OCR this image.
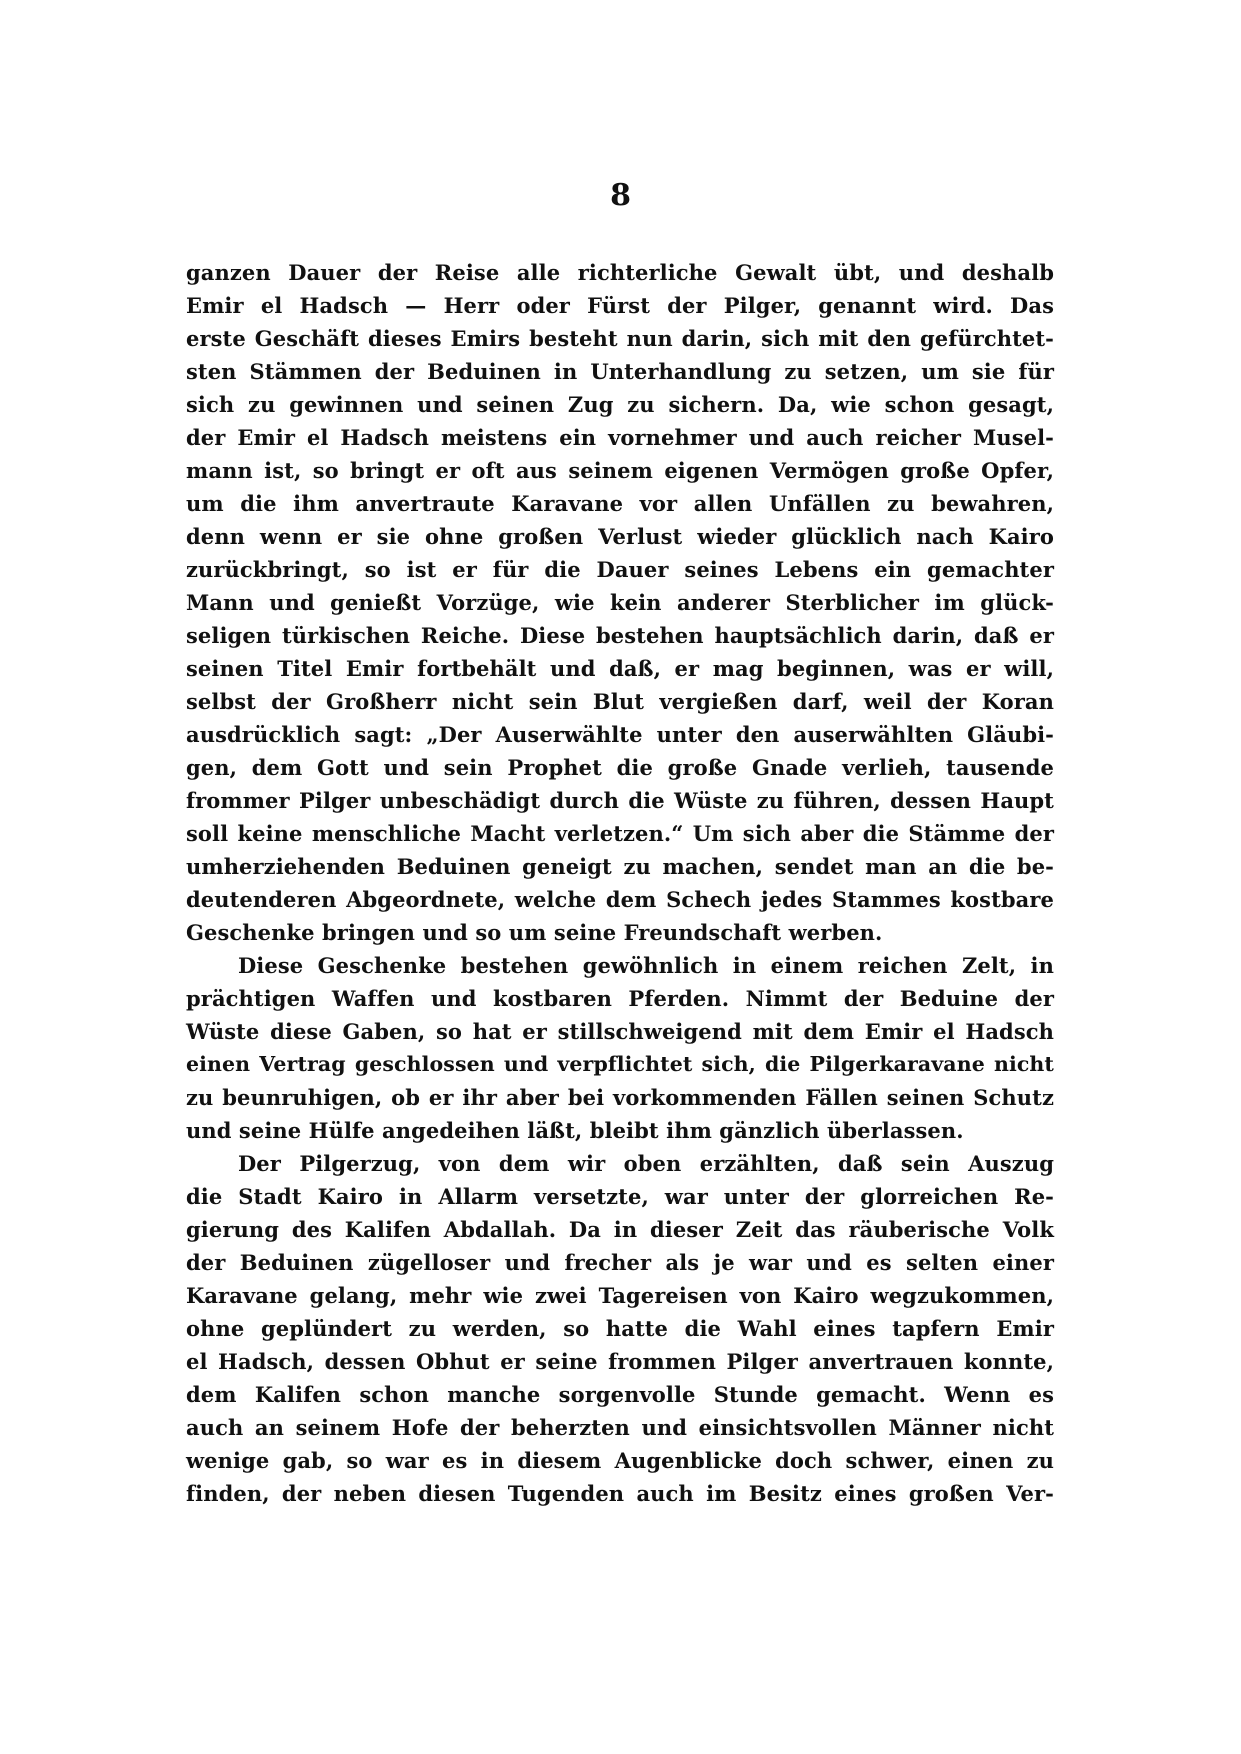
8

ganzen Dauer der Reise alle richterliche Gewalt übt, und deshalb
Emir el Hadsch — Herr oder Fürst der Pilger, genannt wird. Das
erste Geschäft dieses Emirs besteht nun darin, sich mit den gefürchtet-
sten Stämmen der Beduinen in Unterhandlung zu setzen, um sie für
sich zu gewinnen und seinen Zug zu sichern. Da, wie schon gesagt,
der Emir el Hadsch meistens ein vornehmer und auch reicher Musel-
mann ist, so bringt er oft aus seinem eigenen Vermögen große Opfer,
um die ihm anvertraute Karavane vor allen Unfällen zu bewahren,
denn wenn er sie ohne großen Verlust wieder glücklich nach Kairo
zurückbringt, so ist er für die Dauer seines Lebens ein gemachter
Mann und genießt Vorzüge, wie kein anderer Sterblicher im glück-
seligen türkischen Reiche. Diese bestehen hauptsächlich darin, daß er
seinen Titel Emir fortbehält und daß, er mag beginnen, was er will,
selbst der Großherr nicht sein Blut vergießen darf, weil der Koran
ausdrücklich sagt: „Der Auserwählte unter den auserwählten Gläubi-
gen, dem Gott und sein Prophet die große Gnade verlieh, tausende
frommer Pilger unbeschädigt durch die Wüste zu führen, dessen Haupt
soll keine menschliche Macht verletzen.“ Um sich aber die Stämme der
umherziehenden Beduinen geneigt zu machen, sendet man an die be-
deutenderen Abgeordnete, welche dem Schech jedes Stammes kostbare
Geschenke bringen und so um seine Freundschaft werben.
Diese Geschenke bestehen gewöhnlich in einem reichen Zelt, in
prächtigen Waffen und kostbaren Pferden. Nimmt der Beduine der
Wüste diese Gaben, so hat er stillschweigend mit dem Emir el Hadsch
einen Vertrag geschlossen und verpflichtet sich, die Pilgerkaravane nicht
zu beunruhigen, ob er ihr aber bei vorkommenden Fällen seinen Schutz
und seine Hülfe angedeihen läßt, bleibt ihm gänzlich überlassen.
Der Pilgerzug, von dem wir oben erzählten, daß sein Auszug
die Stadt Kairo in Allarm versetzte, war unter der glorreichen Re-
gierung des Kalifen Abdallah. Da in dieser Zeit das räuberische Volk
der Beduinen zügelloser und frecher als je war und es selten einer
Karavane gelang, mehr wie zwei Tagereisen von Kairo wegzukommen,
ohne geplündert zu werden, so hatte die Wahl eines tapfern Emir
el Hadsch, dessen Obhut er seine frommen Pilger anvertrauen konnte,
dem Kalifen schon manche sorgenvolle Stunde gemacht. Wenn es
auch an seinem Hofe der beherzten und einsichtsvollen Männer nicht
wenige gab, so war es in diesem Augenblicke doch schwer, einen zu
finden, der neben diesen Tugenden auch im Besitz eines großen Ver-
